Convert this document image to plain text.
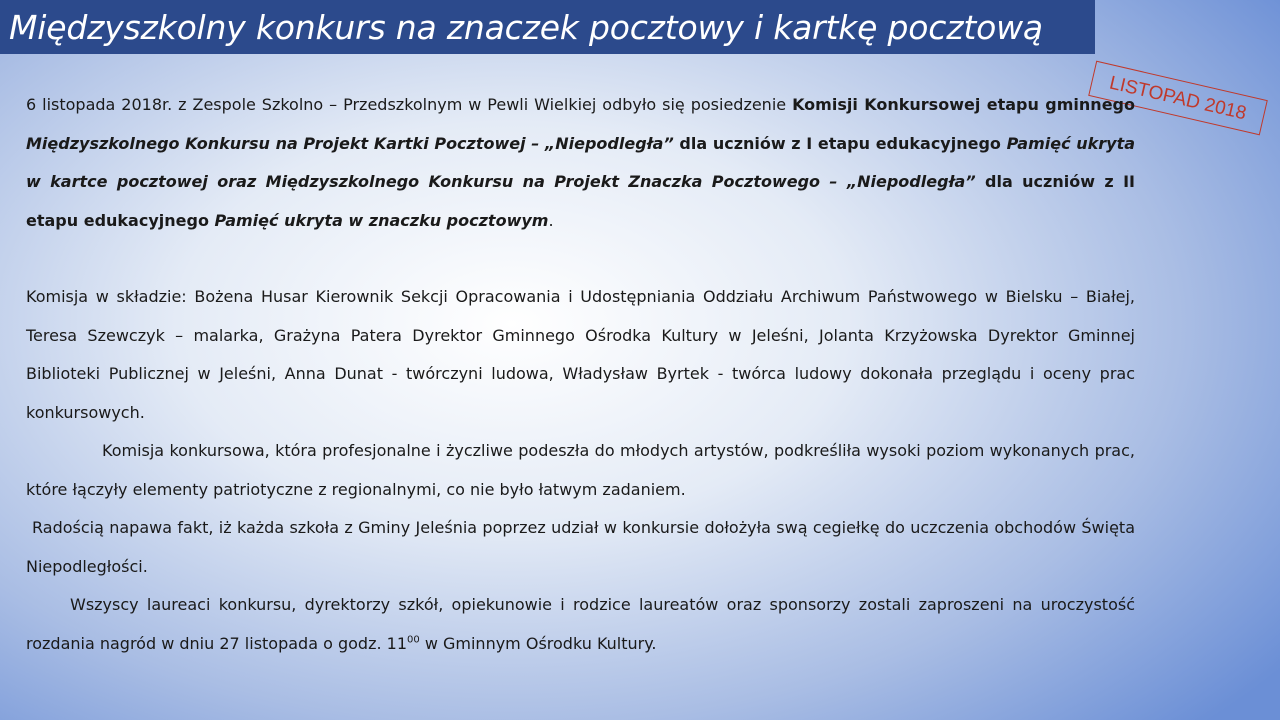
Międzyszkolny konkurs na znaczek pocztowy i kartkę pocztową
LISTOPAD 2018

6 listopada 2018r. z Zespole Szkolno – Przedszkolnym w Pewli Wielkiej odbyło się posiedzenie Komisji Konkursowej etapu gminnego Międzyszkolnego Konkursu na Projekt Kartki Pocztowej – „Niepodległa” dla uczniów z I etapu edukacyjnego Pamięć ukryta w kartce pocztowej oraz Międzyszkolnego Konkursu na Projekt Znaczka Pocztowego – „Niepodległa” dla uczniów z II etapu edukacyjnego Pamięć ukryta w znaczku pocztowym.

Komisja w składzie: Bożena Husar Kierownik Sekcji Opracowania i Udostępniania Oddziału Archiwum Państwowego w Bielsku – Białej, Teresa Szewczyk – malarka, Grażyna Patera Dyrektor Gminnego Ośrodka Kultury w Jeleśni, Jolanta Krzyżowska Dyrektor Gminnej Biblioteki Publicznej w Jeleśni, Anna Dunat - twórczyni ludowa, Władysław Byrtek - twórca ludowy dokonała przeglądu i oceny prac konkursowych.

Komisja konkursowa, która profesjonalne i życzliwe podeszła do młodych artystów, podkreśliła wysoki poziom wykonanych prac, które łączyły elementy patriotyczne z regionalnymi, co nie było łatwym zadaniem.

Radością napawa fakt, iż każda szkoła z Gminy Jeleśnia poprzez udział w konkursie dołożyła swą cegiełkę do uczczenia obchodów Święta Niepodległości.

Wszyscy laureaci konkursu, dyrektorzy szkół, opiekunowie i rodzice laureatów oraz sponsorzy zostali zaproszeni na uroczystość rozdania nagród w dniu 27 listopada o godz. $11^{00}$ w Gminnym Ośrodku Kultury.
